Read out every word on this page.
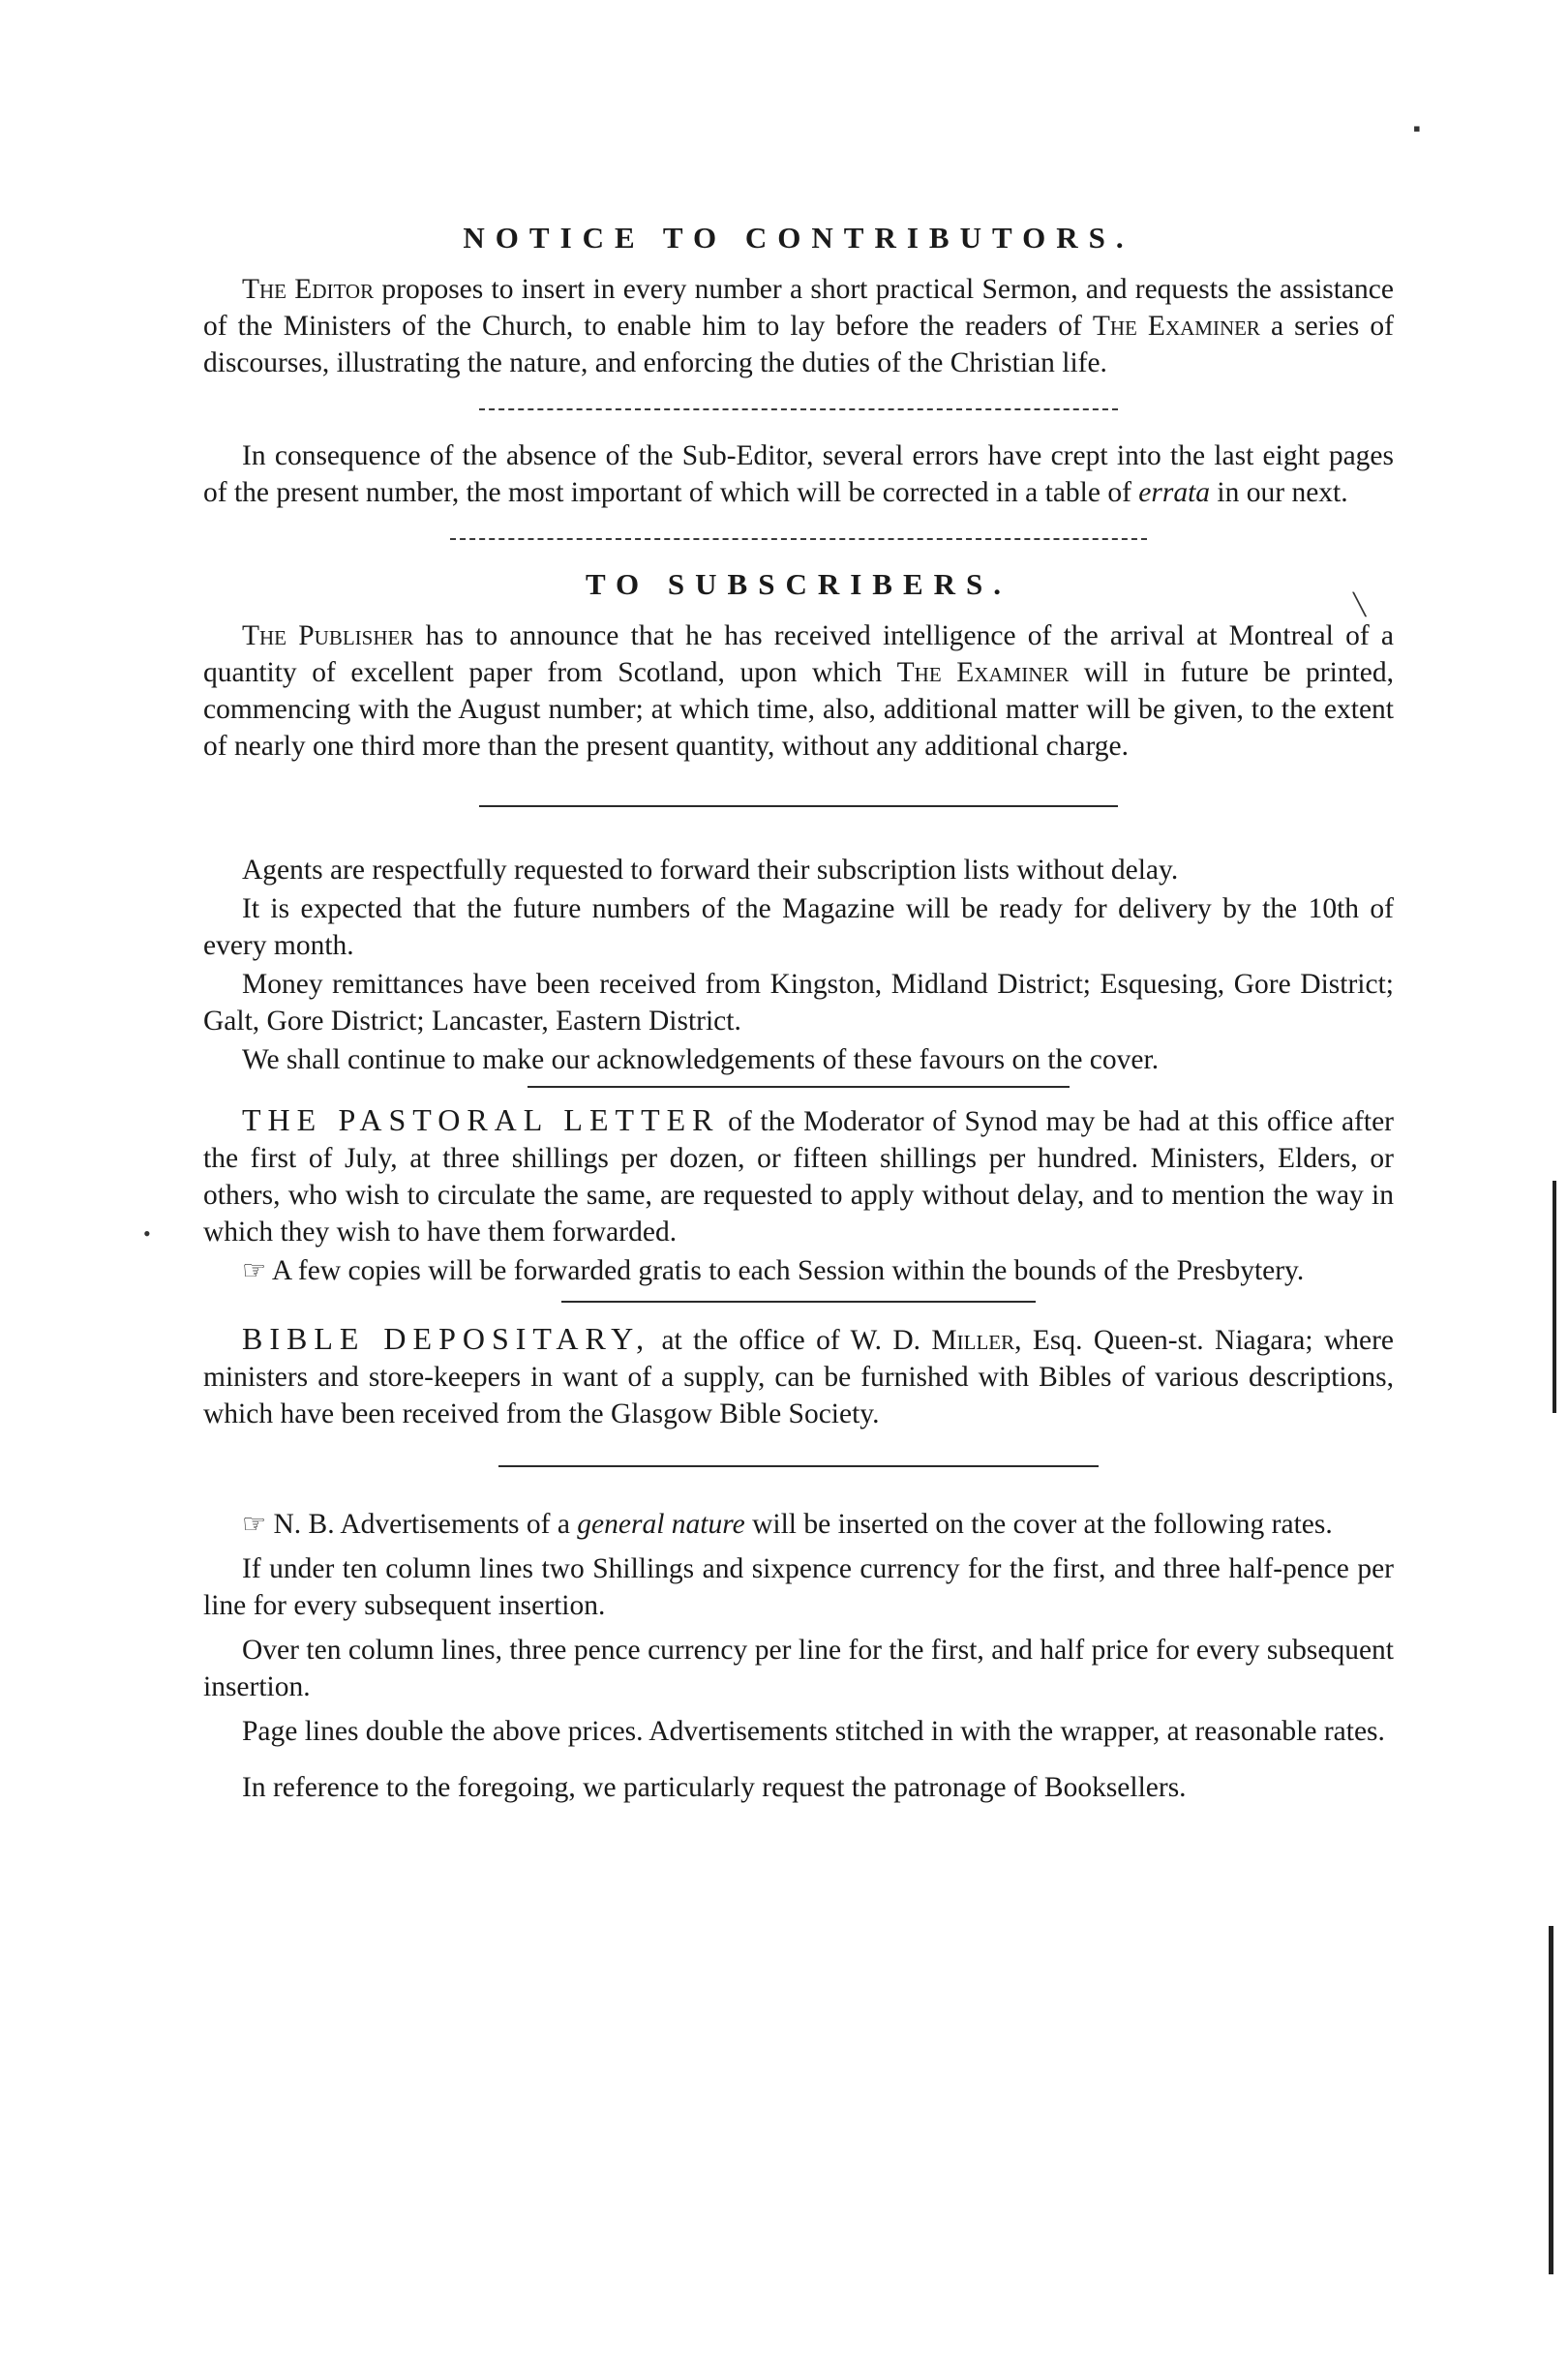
NOTICE TO CONTRIBUTORS.

The Editor proposes to insert in every number a short practical Sermon, and requests the assistance of the Ministers of the Church, to enable him to lay before the readers of The Examiner a series of discourses, illustrating the nature, and enforcing the duties of the Christian life.

In consequence of the absence of the Sub-Editor, several errors have crept into the last eight pages of the present number, the most important of which will be corrected in a table of errata in our next.

TO SUBSCRIBERS.

The Publisher has to announce that he has received intelligence of the arrival at Montreal of a quantity of excellent paper from Scotland, upon which The Examiner will in future be printed, commencing with the August number; at which time, also, additional matter will be given, to the extent of nearly one third more than the present quantity, without any additional charge.

Agents are respectfully requested to forward their subscription lists without delay.

It is expected that the future numbers of the Magazine will be ready for delivery by the 10th of every month.

Money remittances have been received from Kingston, Midland District; Esquesing, Gore District; Galt, Gore District; Lancaster, Eastern District.

We shall continue to make our acknowledgements of these favours on the cover.

THE PASTORAL LETTER of the Moderator of Synod may be had at this office after the first of July, at three shillings per dozen, or fifteen shillings per hundred. Ministers, Elders, or others, who wish to circulate the same, are requested to apply without delay, and to mention the way in which they wish to have them forwarded.

☞ A few copies will be forwarded gratis to each Session within the bounds of the Presbytery.

BIBLE DEPOSITARY, at the office of W. D. Miller, Esq. Queen-st. Niagara; where ministers and store-keepers in want of a supply, can be furnished with Bibles of various descriptions, which have been received from the Glasgow Bible Society.

☞ N. B. Advertisements of a general nature will be inserted on the cover at the following rates.

If under ten column lines two Shillings and sixpence currency for the first, and three half-pence per line for every subsequent insertion.

Over ten column lines, three pence currency per line for the first, and half price for every subsequent insertion.

Page lines double the above prices. Advertisements stitched in with the wrapper, at reasonable rates.

In reference to the foregoing, we particularly request the patronage of Booksellers.

▪
╲
•
